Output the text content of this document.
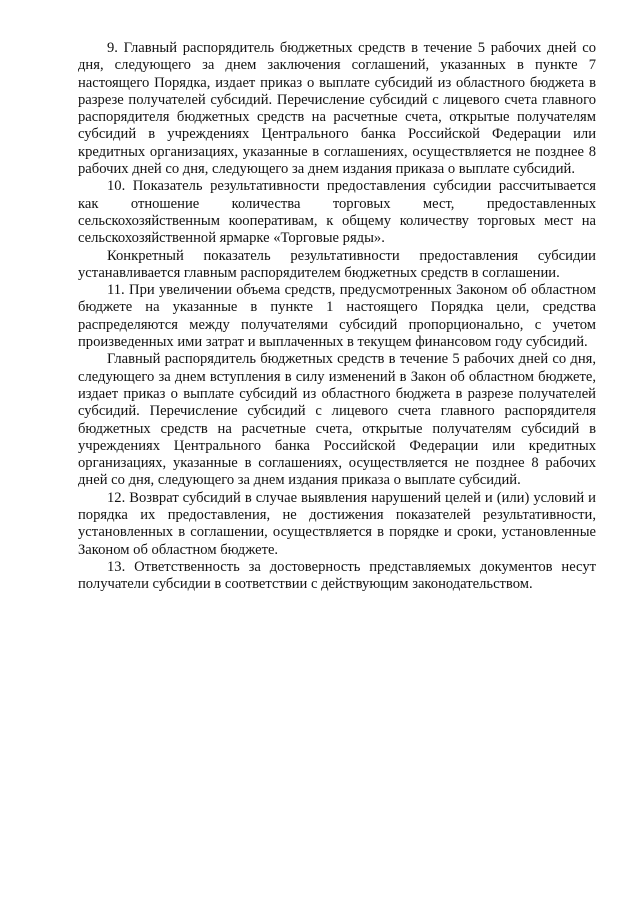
9. Главный распорядитель бюджетных средств в течение 5 рабочих дней со дня, следующего за днем заключения соглашений, указанных в пункте 7 настоящего Порядка, издает приказ о выплате субсидий из областного бюджета в разрезе получателей субсидий. Перечисление субсидий с лицевого счета главного распорядителя бюджетных средств на расчетные счета, открытые получателям субсидий в учреждениях Центрального банка Российской Федерации или кредитных организациях, указанные в соглашениях, осуществляется не позднее 8 рабочих дней со дня, следующего за днем издания приказа о выплате субсидий.

10. Показатель результативности предоставления субсидии рассчитывается как отношение количества торговых мест, предоставленных сельскохозяйственным кооперативам, к общему количеству торговых мест на сельскохозяйственной ярмарке «Торговые ряды».

Конкретный показатель результативности предоставления субсидии устанавливается главным распорядителем бюджетных средств в соглашении.

11. При увеличении объема средств, предусмотренных Законом об областном бюджете на указанные в пункте 1 настоящего Порядка цели, средства распределяются между получателями субсидий пропорционально, с учетом произведенных ими затрат и выплаченных в текущем финансовом году субсидий.

Главный распорядитель бюджетных средств в течение 5 рабочих дней со дня, следующего за днем вступления в силу изменений в Закон об областном бюджете, издает приказ о выплате субсидий из областного бюджета в разрезе получателей субсидий. Перечисление субсидий с лицевого счета главного распорядителя бюджетных средств на расчетные счета, открытые получателям субсидий в учреждениях Центрального банка Российской Федерации или кредитных организациях, указанные в соглашениях, осуществляется не позднее 8 рабочих дней со дня, следующего за днем издания приказа о выплате субсидий.

12. Возврат субсидий в случае выявления нарушений целей и (или) условий и порядка их предоставления, не достижения показателей результативности, установленных в соглашении, осуществляется в порядке и сроки, установленные Законом об областном бюджете.

13. Ответственность за достоверность представляемых документов несут получатели субсидии в соответствии с действующим законодательством.
